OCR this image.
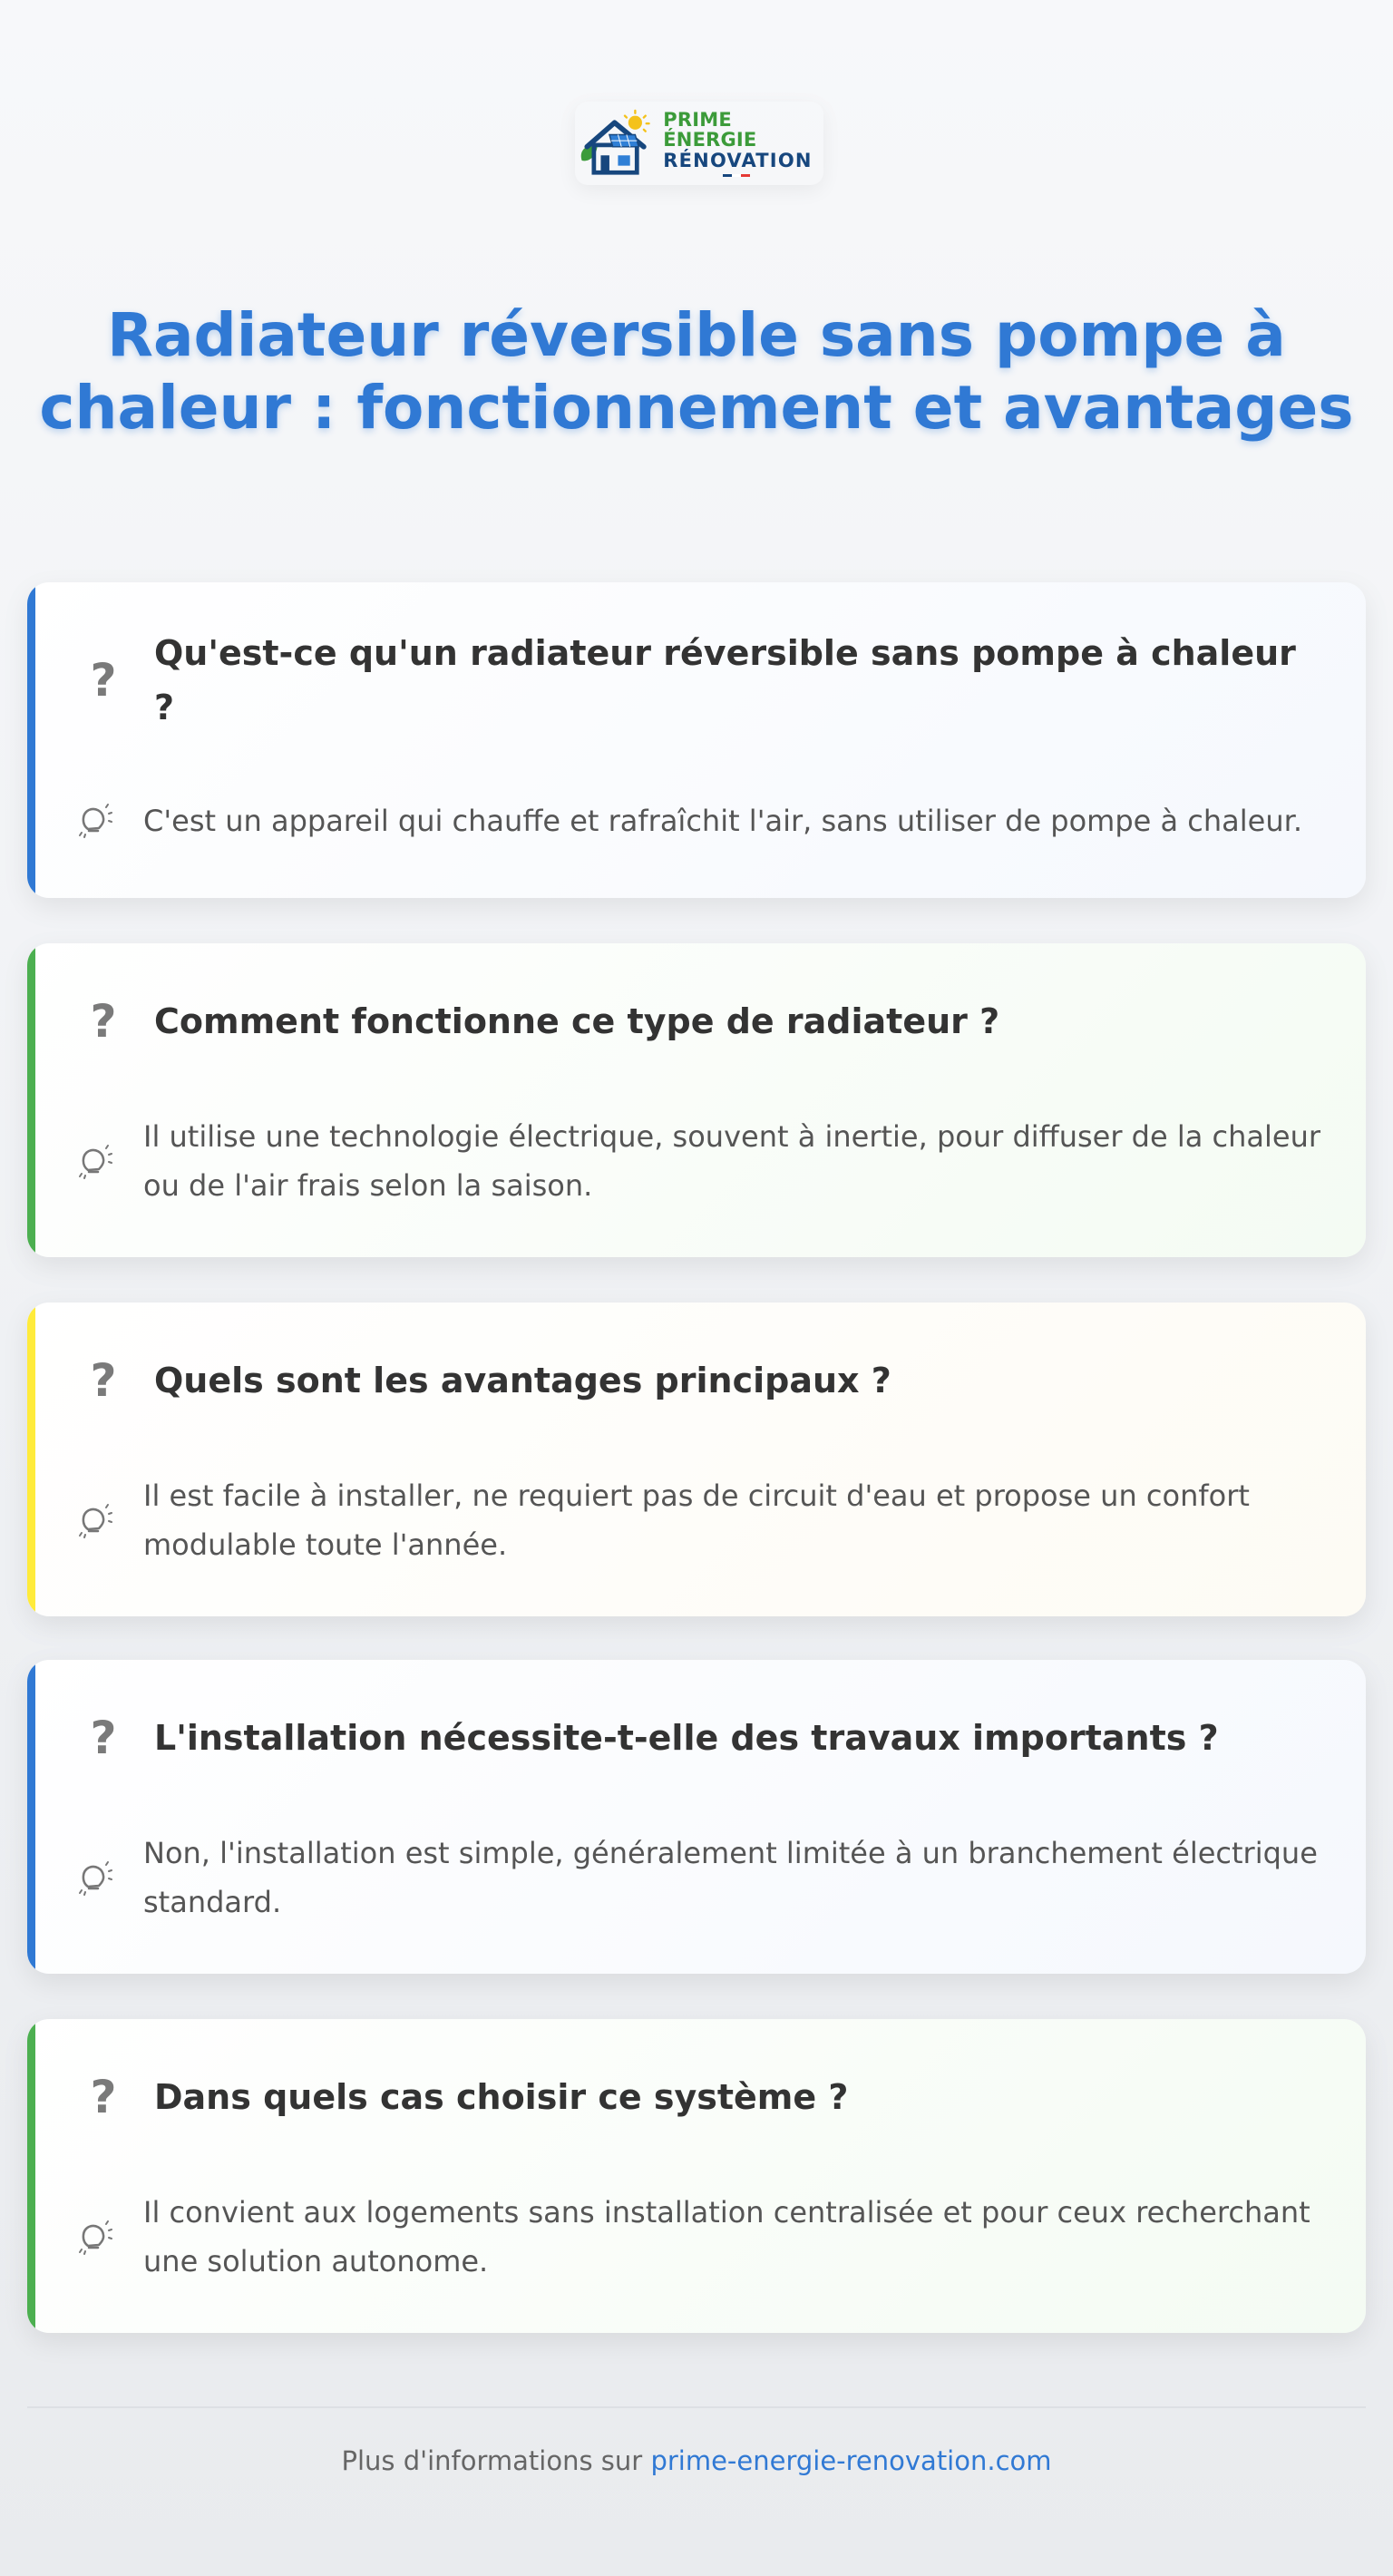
PRIME ÉNERGIE
RÉNOVATION
Radiateur réversible sans pompe à chaleur : fonctionnement et avantages
?
Qu'est-ce qu'un radiateur réversible sans pompe à chaleur ?

C'est un appareil qui chauffe et rafraîchit l'air, sans utiliser de pompe à chaleur.

? Comment fonctionne ce type de radiateur ?

Il utilise une technologie électrique, souvent à inertie, pour diffuser de la chaleur ou de l'air frais selon la saison.

? Quels sont les avantages principaux ?

Il est facile à installer, ne requiert pas de circuit d'eau et propose un confort modulable toute l'année.

? L'installation nécessite-t-elle des travaux importants ?

Non, l'installation est simple, généralement limitée à un branchement électrique standard.

? Dans quels cas choisir ce système ?

Il convient aux logements sans installation centralisée et pour ceux recherchant une solution autonome.

Plus d'informations sur prime-energie-renovation.com
